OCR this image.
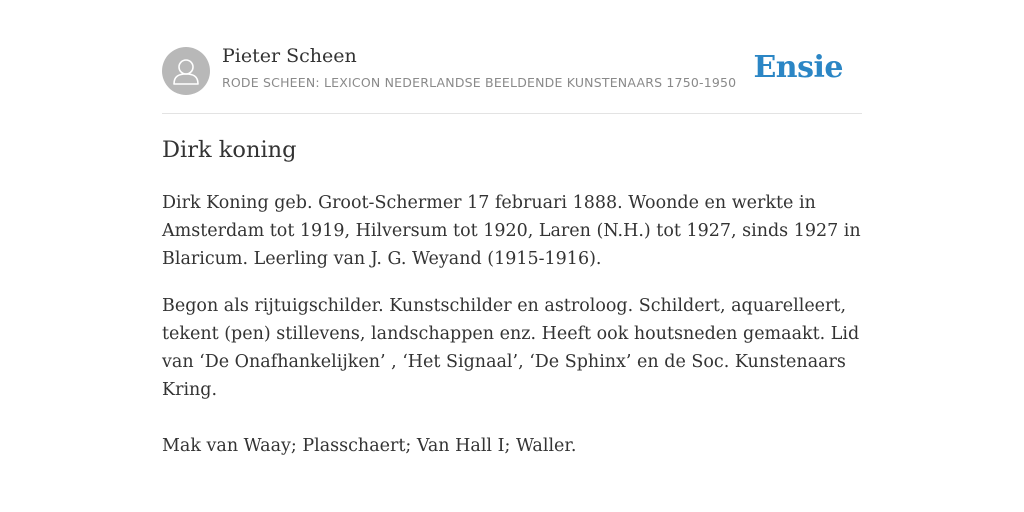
Pieter Scheen
RODE SCHEEN: LEXICON NEDERLANDSE BEELDENDE KUNSTENAARS 1750-1950 Ensie
Dirk koning
Dirk Koning geb. Groot-Schermer 17 februari 1888. Woonde en werkte in
Amsterdam tot 1919, Hilversum tot 1920, Laren (N.H.) tot 1927, sinds 1927 in
Blaricum. Leerling van J. G. Weyand (1915-1916).
Begon als rijtuigschilder. Kunstschilder en astroloog. Schildert, aquarelleert,
tekent (pen) stillevens, landschappen enz. Heeft ook houtsneden gemaakt. Lid
van ‘De Onafhankelijken’ , ‘Het Signaal’, ‘De Sphinx’ en de Soc. Kunstenaars
Kring.
Mak van Waay; Plasschaert; Van Hall I; Waller.
